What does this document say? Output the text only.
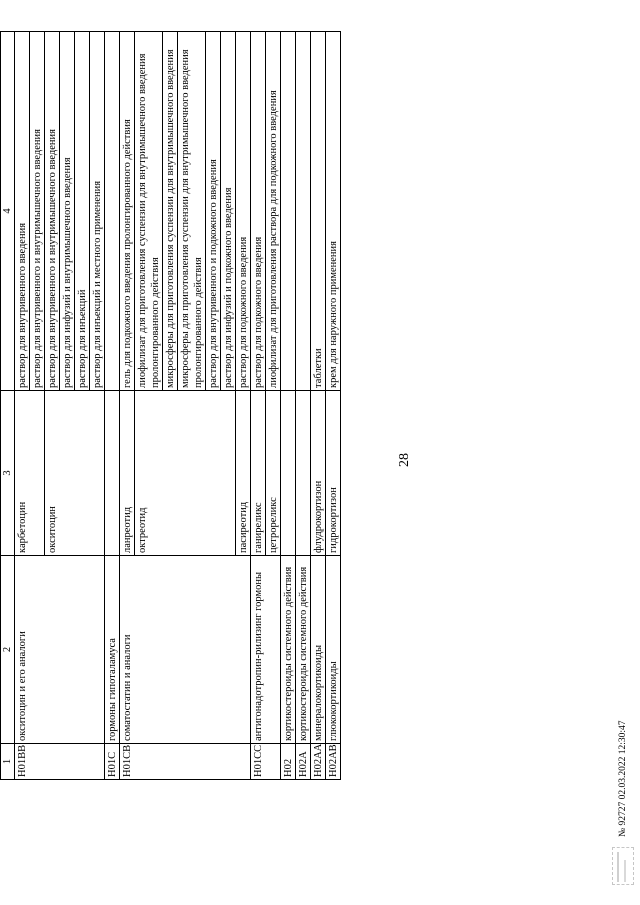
28
1	2	3	4
H01BB	окситоцин и его аналоги	карбетоцин	раствор для внутривенного введения
			раствор для внутривенного и внутримышечного введения
		окситоцин	раствор для внутривенного и внутримышечного введения
			раствор для инфузий и внутримышечного введения
			раствор для инъекций
			раствор для инъекций и местного применения
H01C	гормоны гипоталамуса		
H01CB	соматостатин и аналоги	ланреотид	гель для подкожного введения пролонгированного действия
		октреотид	лиофилизат для приготовления суспензии для внутримышечного введения пролонгированного действия
			микросферы для приготовления суспензии для внутримышечного введения
			микросферы для приготовления суспензии для внутримышечного введения пролонгированного действия
			раствор для внутривенного и подкожного введения
			раствор для инфузий и подкожного введения
		пасиреотид	раствор для подкожного введения
H01CC	антигонадотропин-рилизинг гормоны	ганиреликс	раствор для подкожного введения
		цетрореликс	лиофилизат для приготовления раствора для подкожного введения
H02	кортикостероиды системного действия		
H02A	кортикостероиды системного действия		
H02AA	минералокортикоиды	флудрокортизон	таблетки
H02AB	глюкокортикоиды	гидрокортизон	крем для наружного применения
№ 92727 02.03.2022 12:30:47
